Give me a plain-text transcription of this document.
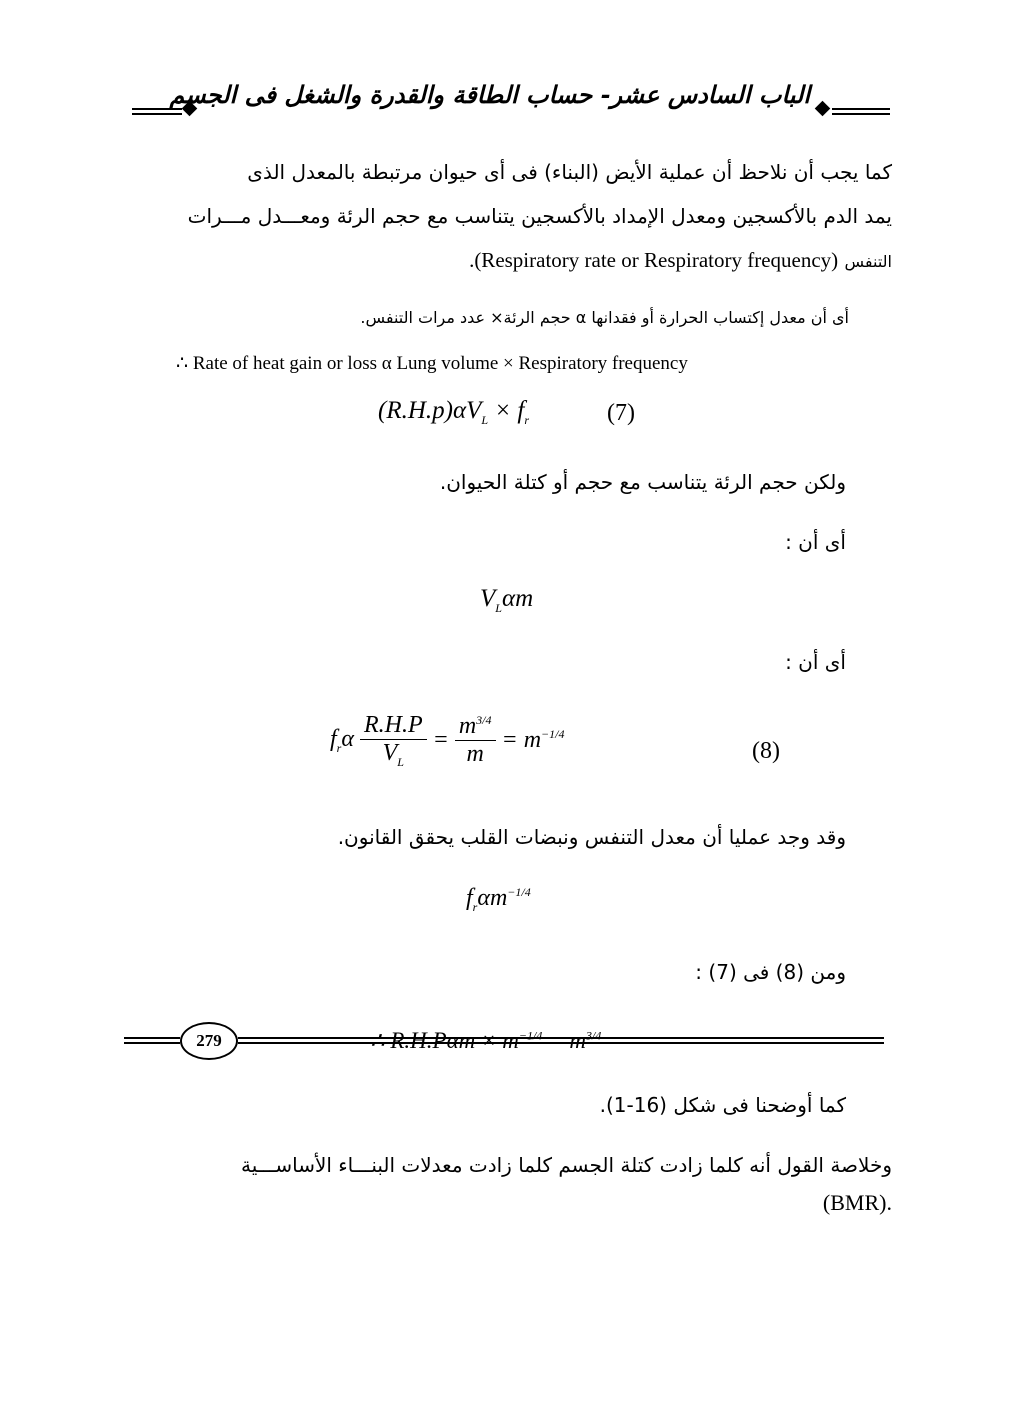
الباب السادس عشر- حساب الطاقة والقدرة والشغل فى الجسم
كما يجب أن نلاحظ أن عملية الأيض (البناء) فى أى حيوان مرتبطة بالمعدل الذى
يمد الدم بالأكسجين ومعدل الإمداد بالأكسجين يتناسب مع حجم الرئة ومعـــدل مـــرات
التنفس .(Respiratory rate or Respiratory frequency)
أى أن معدل إكتساب الحرارة أو فقدانها α حجم الرئة× عدد مرات التنفس.
∴ Rate of heat gain or loss α Lung volume × Respiratory frequency
$(R.H.p)\alpha V_L \times f_r$	(7)
ولكن حجم الرئة يتناسب مع حجم أو كتلة الحيوان.
أى أن :
$V_L\alpha m$
أى أن :
$f_r\alpha \frac{R.H.P}{V_L} = \frac{m^{3/4}}{m} = m^{-1/4}$
(8)
وقد وجد عمليا أن معدل التنفس ونبضات القلب يحقق القانون.
$f_r\alpha m^{-1/4}$
ومن (8) فى (7) :
∴ $R.H.P\alpha m \times m^{-1/4} = m^{3/4}$
كما أوضحنا فى شكل (16-1).
وخلاصة القول أنه كلما زادت كتلة الجسم كلما زادت معدلات البنـــاء الأساســـية
.(BMR)
279
